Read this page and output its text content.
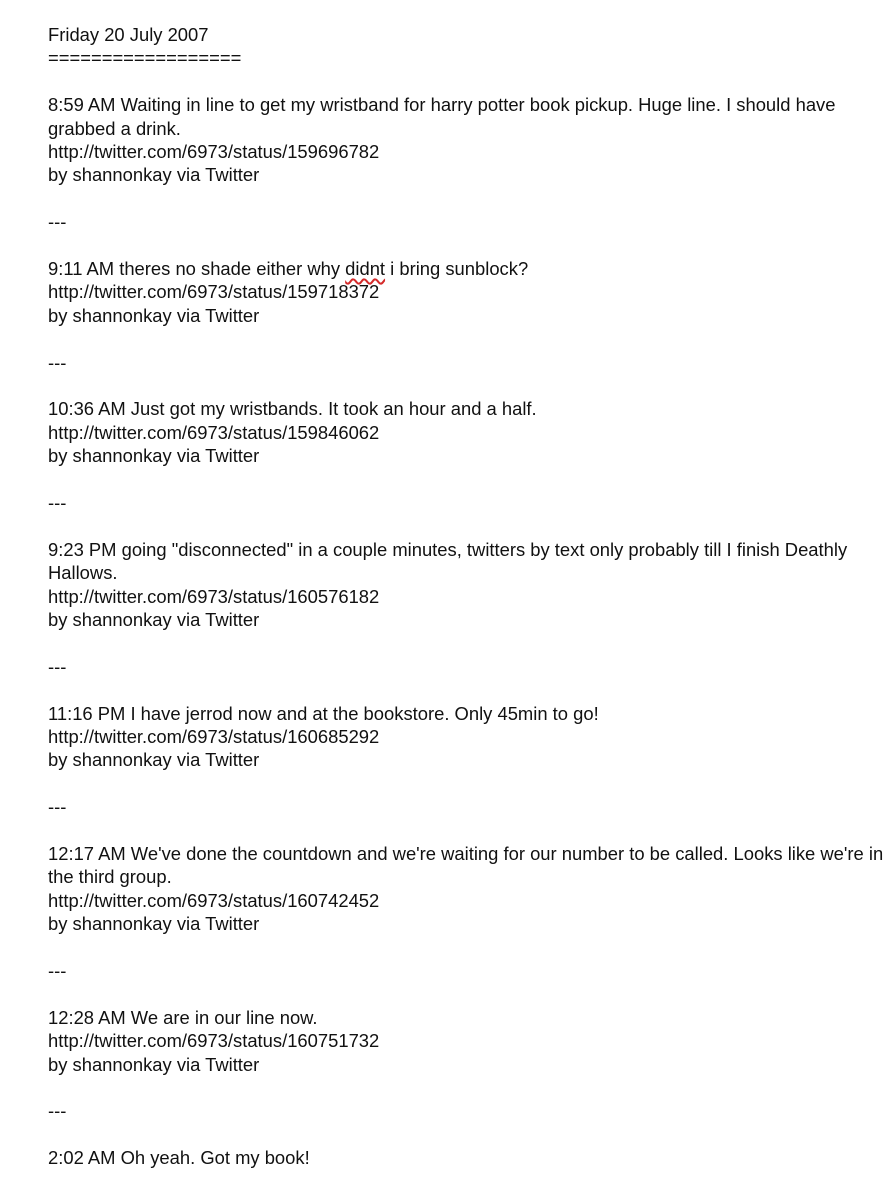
Friday 20 July 2007

==================

8:59 AM Waiting in line to get my wristband for harry potter book pickup. Huge line. I should have grabbed a drink.

http://twitter.com/6973/status/159696782

by shannonkay via Twitter

---

9:11 AM theres no shade either why didnt i bring sunblock?

http://twitter.com/6973/status/159718372

by shannonkay via Twitter

---

10:36 AM Just got my wristbands. It took an hour and a half.

http://twitter.com/6973/status/159846062

by shannonkay via Twitter

---

9:23 PM going "disconnected" in a couple minutes, twitters by text only probably till I finish Deathly Hallows.

http://twitter.com/6973/status/160576182

by shannonkay via Twitter

---

11:16 PM I have jerrod now and at the bookstore. Only 45min to go!

http://twitter.com/6973/status/160685292

by shannonkay via Twitter

---

12:17 AM We've done the countdown and we're waiting for our number to be called. Looks like we're in the third group.

http://twitter.com/6973/status/160742452

by shannonkay via Twitter

---

12:28 AM We are in our line now.

http://twitter.com/6973/status/160751732

by shannonkay via Twitter

---

2:02 AM Oh yeah. Got my book!
